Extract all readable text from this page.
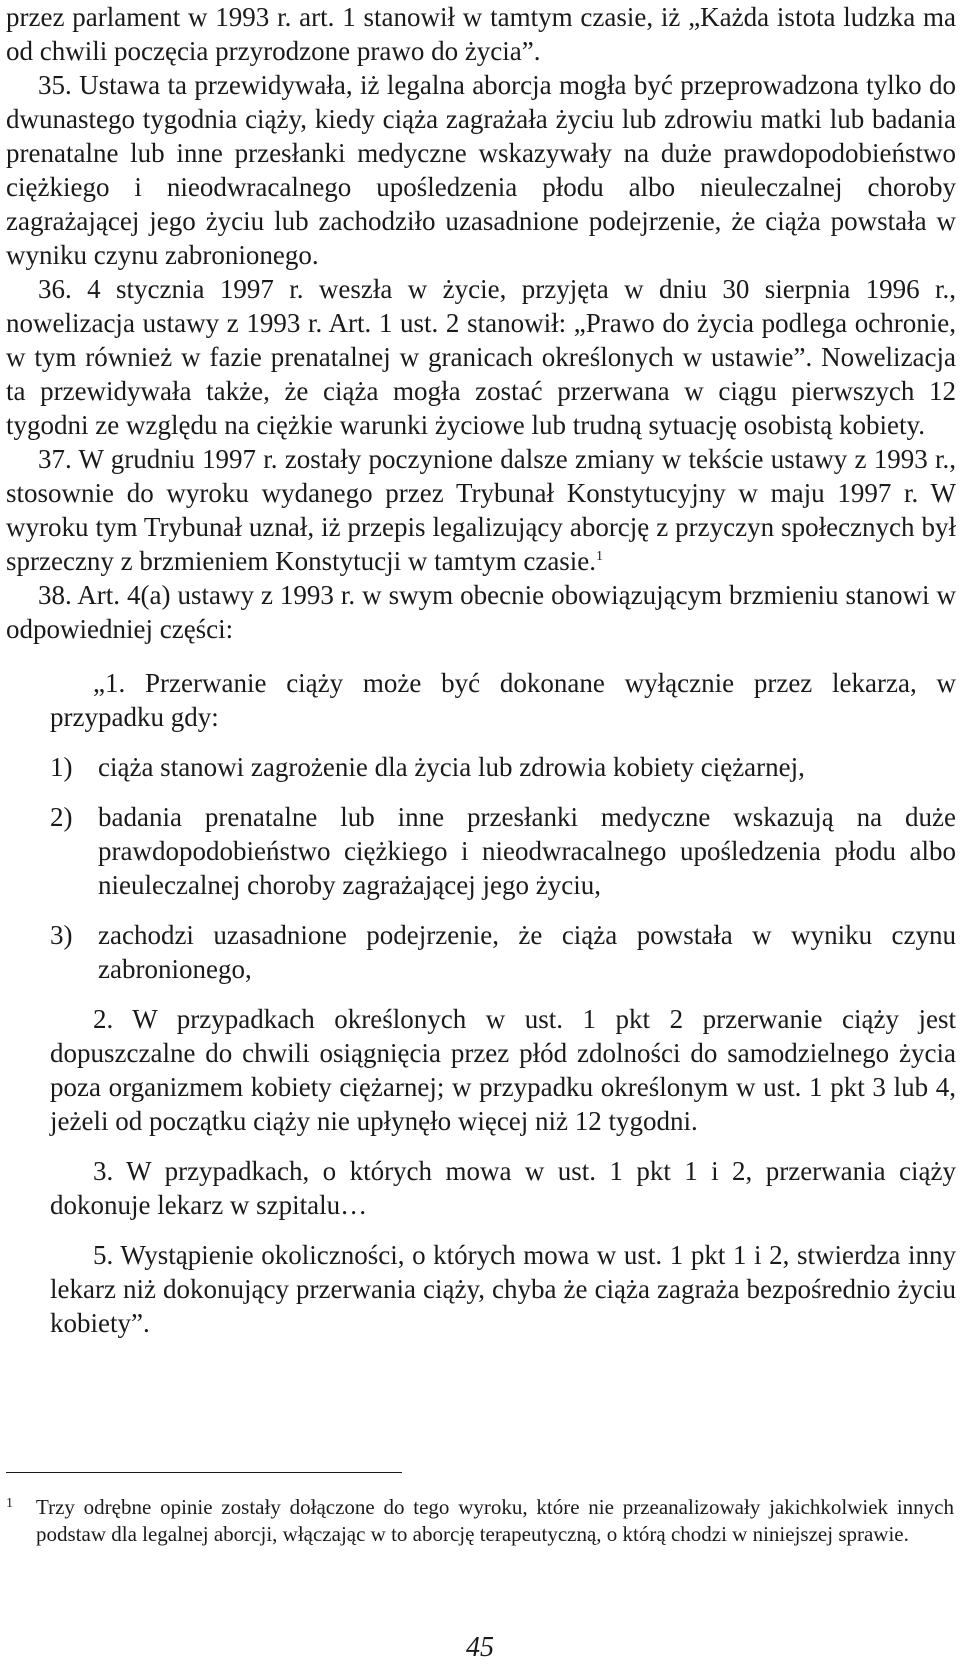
przez parlament w 1993 r. art. 1 stanowił w tamtym czasie, iż „Każda istota ludzka ma od chwili poczęcia przyrodzone prawo do życia”.

35. Ustawa ta przewidywała, iż legalna aborcja mogła być przeprowadzona tylko do dwunastego tygodnia ciąży, kiedy ciąża zagrażała życiu lub zdrowiu matki lub badania prenatalne lub inne przesłanki medyczne wskazywały na duże prawdopodobieństwo ciężkiego i nieodwracalnego upośledzenia płodu albo nieuleczalnej choroby zagrażającej jego życiu lub zachodziło uzasadnione podejrzenie, że ciąża powstała w wyniku czynu zabronionego.

36. 4 stycznia 1997 r. weszła w życie, przyjęta w dniu 30 sierpnia 1996 r., nowelizacja ustawy z 1993 r. Art. 1 ust. 2 stanowił: „Prawo do życia podlega ochronie, w tym również w fazie prenatalnej w granicach określonych w ustawie”. Nowelizacja ta przewidywała także, że ciąża mogła zostać przerwana w ciągu pierwszych 12 tygodni ze względu na ciężkie warunki życiowe lub trudną sytuację osobistą kobiety.

37. W grudniu 1997 r. zostały poczynione dalsze zmiany w tekście ustawy z 1993 r., stosownie do wyroku wydanego przez Trybunał Konstytucyjny w maju 1997 r. W wyroku tym Trybunał uznał, iż przepis legalizujący aborcję z przyczyn społecznych był sprzeczny z brzmieniem Konstytucji w tamtym czasie.$^1$

38. Art. 4(a) ustawy z 1993 r. w swym obecnie obowiązującym brzmieniu stanowi w odpowiedniej części:

„1. Przerwanie ciąży może być dokonane wyłącznie przez lekarza, w przypadku gdy:

1) ciąża stanowi zagrożenie dla życia lub zdrowia kobiety ciężarnej,
2) badania prenatalne lub inne przesłanki medyczne wskazują na duże prawdopodobieństwo ciężkiego i nieodwracalnego upośledzenia płodu albo nieuleczalnej choroby zagrażającej jego życiu,
3) zachodzi uzasadnione podejrzenie, że ciąża powstała w wyniku czynu zabronionego,

2. W przypadkach określonych w ust. 1 pkt 2 przerwanie ciąży jest dopuszczalne do chwili osiągnięcia przez płód zdolności do samodzielnego życia poza organizmem kobiety ciężarnej; w przypadku określonym w ust. 1 pkt 3 lub 4, jeżeli od początku ciąży nie upłynęło więcej niż 12 tygodni.

3. W przypadkach, o których mowa w ust. 1 pkt 1 i 2, przerwania ciąży dokonuje lekarz w szpitalu…

5. Wystąpienie okoliczności, o których mowa w ust. 1 pkt 1 i 2, stwierdza inny lekarz niż dokonujący przerwania ciąży, chyba że ciąża zagraża bezpośrednio życiu kobiety”.

1 Trzy odrębne opinie zostały dołączone do tego wyroku, które nie przeanalizowały jakichkolwiek innych podstaw dla legalnej aborcji, włączając w to aborcję terapeutyczną, o którą chodzi w niniejszej sprawie.

45
